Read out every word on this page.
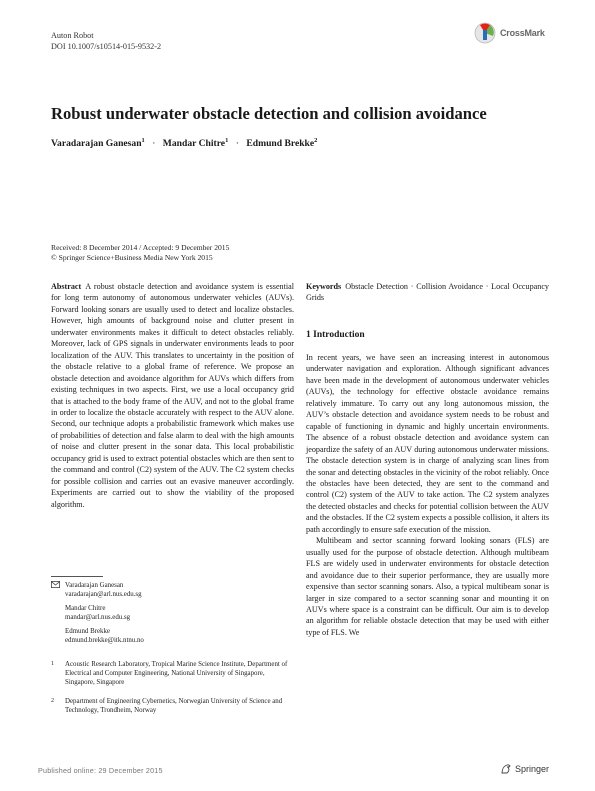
Auton Robot
DOI 10.1007/s10514-015-9532-2
CrossMark
Robust underwater obstacle detection and collision avoidance
Varadarajan Ganesan$^1$ · Mandar Chitre$^1$ · Edmund Brekke$^2$
Received: 8 December 2014 / Accepted: 9 December 2015
© Springer Science+Business Media New York 2015
Abstract A robust obstacle detection and avoidance system is essential for long term autonomy of autonomous underwater vehicles (AUVs). Forward looking sonars are usually used to detect and localize obstacles. However, high amounts of background noise and clutter present in underwater environments makes it difficult to detect obstacles reliably. Moreover, lack of GPS signals in underwater environments leads to poor localization of the AUV. This translates to uncertainty in the position of the obstacle relative to a global frame of reference. We propose an obstacle detection and avoidance algorithm for AUVs which differs from existing techniques in two aspects. First, we use a local occupancy grid that is attached to the body frame of the AUV, and not to the global frame in order to localize the obstacle accurately with respect to the AUV alone. Second, our technique adopts a probabilistic framework which makes use of probabilities of detection and false alarm to deal with the high amounts of noise and clutter present in the sonar data. This local probabilistic occupancy grid is used to extract potential obstacles which are then sent to the command and control (C2) system of the AUV. The C2 system checks for possible collision and carries out an evasive maneuver accordingly. Experiments are carried out to show the viability of the proposed algorithm.
Keywords Obstacle Detection · Collision Avoidance · Local Occupancy Grids
1 Introduction

In recent years, we have seen an increasing interest in autonomous underwater navigation and exploration. Although significant advances have been made in the development of autonomous underwater vehicles (AUVs), the technology for effective obstacle avoidance remains relatively immature. To carry out any long autonomous mission, the AUV’s obstacle detection and avoidance system needs to be robust and capable of functioning in dynamic and highly uncertain environments. The absence of a robust obstacle detection and avoidance system can jeopardize the safety of an AUV during autonomous underwater missions. The obstacle detection system is in charge of analyzing scan lines from the sonar and detecting obstacles in the vicinity of the robot reliably. Once the obstacles have been detected, they are sent to the command and control (C2) system of the AUV to take action. The C2 system analyzes the detected obstacles and checks for potential collision between the AUV and the obstacles. If the C2 system expects a possible collision, it alters its path accordingly to ensure safe execution of the mission.

Multibeam and sector scanning forward looking sonars (FLS) are usually used for the purpose of obstacle detection. Although multibeam FLS are widely used in underwater environments for obstacle detection and avoidance due to their superior performance, they are usually more expensive than sector scanning sonars. Also, a typical multibeam sonar is larger in size compared to a sector scanning sonar and mounting it on AUVs where space is a constraint can be difficult. Our aim is to develop an algorithm for reliable obstacle detection that may be used with either type of FLS. We

Varadarajan Ganesan
varadarajan@arl.nus.edu.sg
Mandar Chitre
mandar@arl.nus.edu.sg
Edmund Brekke
edmund.brekke@itk.ntnu.no
1 Acoustic Research Laboratory, Tropical Marine Science Institute, Department of Electrical and Computer Engineering, National University of Singapore, Singapore, Singapore
2 Department of Engineering Cybernetics, Norwegian University of Science and Technology, Trondheim, Norway
Published online: 29 December 2015	Springer
